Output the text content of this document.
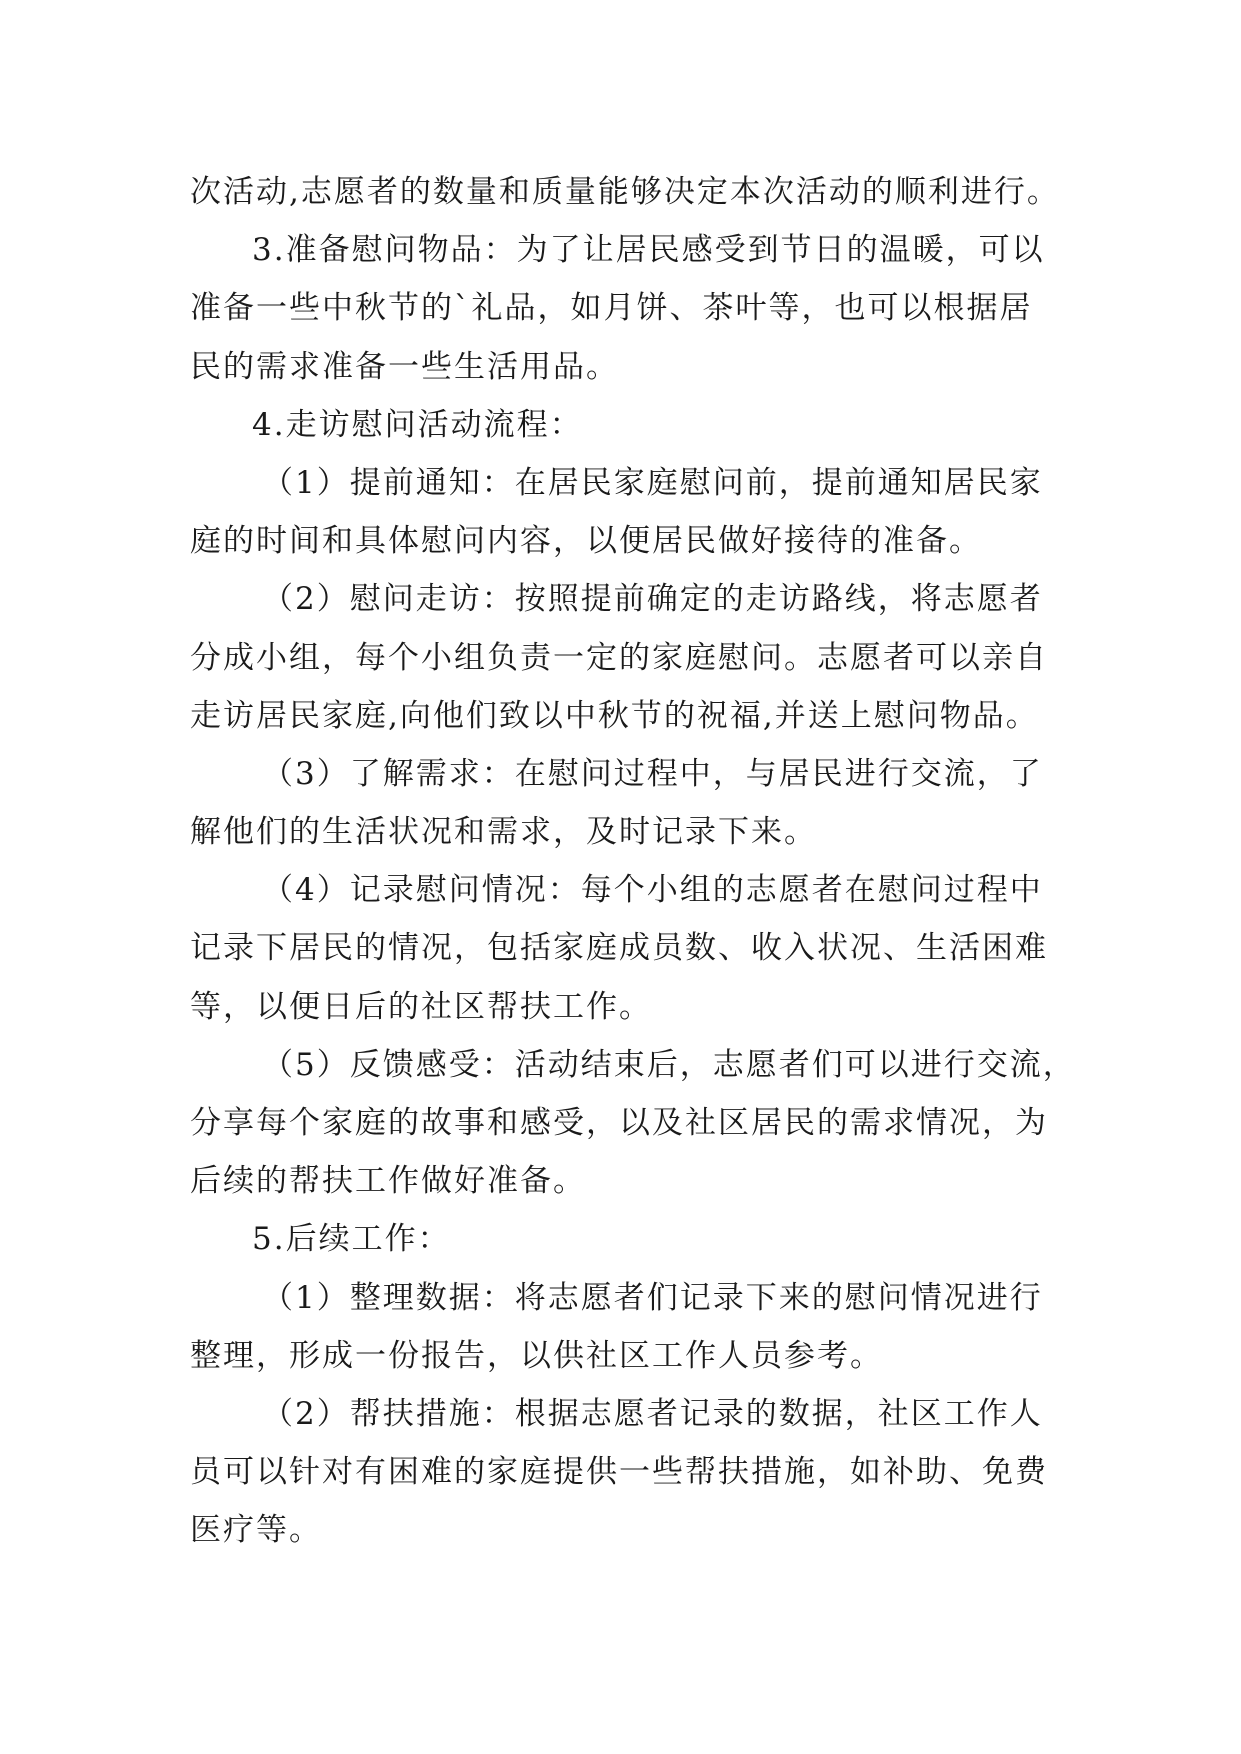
次活动,志愿者的数量和质量能够决定本次活动的顺利进行。
3.准备慰问物品：为了让居民感受到节日的温暖，可以
准备一些中秋节的`礼品，如月饼、茶叶等，也可以根据居
民的需求准备一些生活用品。
4.走访慰问活动流程：
（1）提前通知：在居民家庭慰问前，提前通知居民家
庭的时间和具体慰问内容，以便居民做好接待的准备。
（2）慰问走访：按照提前确定的走访路线，将志愿者
分成小组，每个小组负责一定的家庭慰问。志愿者可以亲自
走访居民家庭,向他们致以中秋节的祝福,并送上慰问物品。
（3）了解需求：在慰问过程中，与居民进行交流，了
解他们的生活状况和需求，及时记录下来。
（4）记录慰问情况：每个小组的志愿者在慰问过程中
记录下居民的情况，包括家庭成员数、收入状况、生活困难
等，以便日后的社区帮扶工作。
（5）反馈感受：活动结束后，志愿者们可以进行交流，
分享每个家庭的故事和感受，以及社区居民的需求情况，为
后续的帮扶工作做好准备。
5.后续工作：
（1）整理数据：将志愿者们记录下来的慰问情况进行
整理，形成一份报告，以供社区工作人员参考。
（2）帮扶措施：根据志愿者记录的数据，社区工作人
员可以针对有困难的家庭提供一些帮扶措施，如补助、免费
医疗等。
